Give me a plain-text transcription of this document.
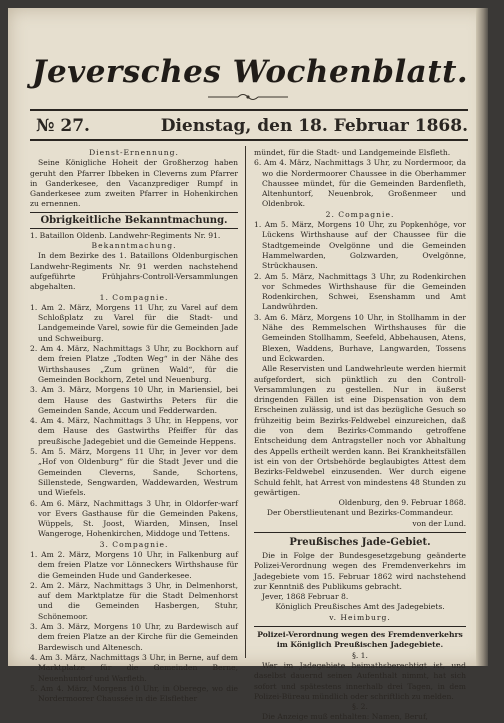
Jeversches Wochenblatt.
№ 27.	Dienstag, den 18. Februar 1868.

Dienst-Ernennung.

Seine Königliche Hoheit der Großherzog haben geruht den Pfarrer Ibbeken in Cleverns zum Pfarrer in Ganderkesee, den Vacanzprediger Rumpf in Ganderkesee zum zweiten Pfarrer in Hohenkirchen zu ernennen.

Obrigkeitliche Bekanntmachung.

1. Bataillon Oldenb. Landwehr-Regiments Nr. 91.

Bekanntmachung.

In dem Bezirke des 1. Bataillons Oldenburgischen Landwehr-Regiments Nr. 91 werden nachstehend aufgeführte Frühjahrs-Controll-Versammlungen abgehalten.

1. Compagnie.

1. Am 2. März, Morgens 11 Uhr, zu Varel auf dem Schloßplatz zu Varel für die Stadt- und Landgemeinde Varel, sowie für die Gemeinden Jade und Schweiburg.

2. Am 4. März, Nachmittags 3 Uhr, zu Bockhorn auf dem freien Platze „Todten Weg“ in der Nähe des Wirthshauses „Zum grünen Wald“, für die Gemeinden Bockhorn, Zetel und Neuenburg.

3. Am 3. März, Morgens 10 Uhr, in Mariensiel, bei dem Hause des Gastwirths Peters für die Gemeinden Sande, Accum und Fedderwarden.

4. Am 4. März, Nachmittags 3 Uhr, in Heppens, vor dem Hause des Gastwirths Pfeiffer für das preußische Jadegebiet und die Gemeinde Heppens.

5. Am 5. März, Morgens 11 Uhr, in Jever vor dem „Hof von Oldenburg“ für die Stadt Jever und die Gemeinden Cleverns, Sande, Schortens, Sillenstede, Sengwarden, Waddewarden, Westrum und Wiefels.

6. Am 6. März, Nachmittags 3 Uhr, in Oldorfer-warf vor Evers Gasthause für die Gemeinden Pakens, Wüppels, St. Joost, Wiarden, Minsen, Insel Wangeroge, Hohenkirchen, Middoge und Tettens.

3. Compagnie.

1. Am 2. März, Morgens 10 Uhr, in Falkenburg auf dem freien Platze vor Lönneckers Wirthshause für die Gemeinden Hude und Ganderkesee.

2. Am 2. März, Nachmittags 3 Uhr, in Delmenhorst, auf dem Marktplatze für die Stadt Delmenhorst und die Gemeinden Hasbergen, Stuhr, Schönemoor.

3. Am 3. März, Morgens 10 Uhr, zu Bardewisch auf dem freien Platze an der Kirche für die Gemeinden Bardewisch und Altenesch.

4. Am 3. März, Nachmittags 3 Uhr, in Berne, auf dem Marktplatze für die Gemeinden Berne, Neuenhuntorf und Warfleth.

5. Am 4. März, Morgens 10 Uhr, in Oberege, wo die Nordermoorer Chaussée in die Elsflether

mündet, für die Stadt- und Landgemeinde Elsfleth.

6. Am 4. März, Nachmittags 3 Uhr, zu Nordermoor, da wo die Nordermoorer Chaussee in die Oberhammer Chaussee mündet, für die Gemeinden Bardenfleth, Altenhuntorf, Neuenbrok, Großenmeer und Oldenbrok.

2. Compagnie.

1. Am 5. März, Morgens 10 Uhr, zu Popkenhöge, vor Lückens Wirthshause auf der Chaussee für die Stadtgemeinde Ovelgönne und die Gemeinden Hammelwarden, Golzwarden, Ovelgönne, Strückhausen.

2. Am 5. März, Nachmittags 3 Uhr, zu Rodenkirchen vor Schmedes Wirthshause für die Gemeinden Rodenkirchen, Schwei, Esenshamm und Amt Landwührden.

3. Am 6. März, Morgens 10 Uhr, in Stollhamm in der Nähe des Remmelschen Wirthshauses für die Gemeinden Stollhamm, Seefeld, Abbehausen, Atens, Blexen, Waddens, Burhave, Langwarden, Tossens und Eckwarden.

Alle Reservisten und Landwehrleute werden hiermit aufgefordert, sich pünktlich zu den Controll-Versammlungen zu gestellen. Nur in äußerst dringenden Fällen ist eine Dispensation von dem Erscheinen zulässig, und ist das bezügliche Gesuch so frühzeitig beim Bezirks-Feldwebel einzureichen, daß die von dem Bezirks-Commando getroffene Entscheidung dem Antragsteller noch vor Abhaltung des Appells ertheilt werden kann. Bei Krankheitsfällen ist ein von der Ortsbehörde beglaubigtes Attest dem Bezirks-Feldwebel einzusenden. Wer durch eigene Schuld fehlt, hat Arrest von mindestens 48 Stunden zu gewärtigen.

Oldenburg, den 9. Februar 1868.

Der Oberstlieutenant und Bezirks-Commandeur.

von der Lund.

Preußisches Jade-Gebiet.

Die in Folge der Bundesgesetzgebung geänderte Polizei-Verordnung wegen des Fremdenverkehrs im Jadegebiete vom 15. Februar 1862 wird nachstehend zur Kenntniß des Publikums gebracht.

Jever, 1868 Februar 8.

Königlich Preußisches Amt des Jadegebiets.

v. Heimburg.

Polizei-Verordnung wegen des Fremdenverkehrs im Königlich Preußischen Jadegebiete.

§. 1.

Wer im Jadegebiete heimathsberechtigt ist, und daselbst dauernd seinen Aufenthalt nimmt, hat sich sofort und spätestens innerhalb drei Tagen, in dem Polizei-Büreau mündlich oder schriftlich zu melden.

§. 2.

Die Anzeige muß enthalten: Namen, Beruf,
